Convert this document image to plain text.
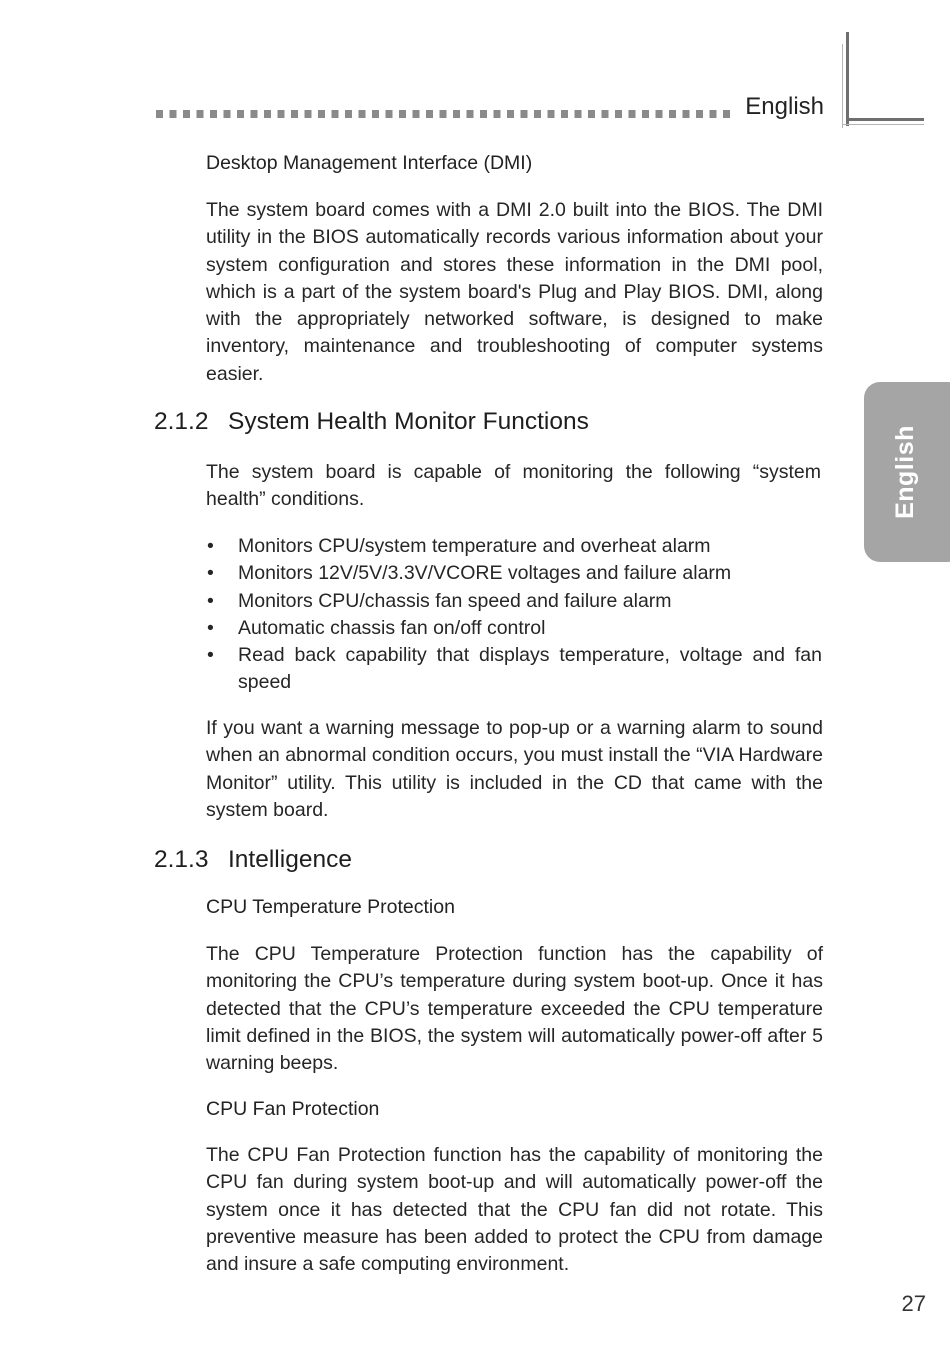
English
English

Desktop Management Interface (DMI)

The system board comes with a DMI 2.0 built into the BIOS. The DMI utility in the BIOS automatically records various information about your system configuration and stores these information in the DMI pool, which is a part of the system board's Plug and Play BIOS. DMI, along with the appropriately networked software, is designed to make inventory, maintenance and troubleshooting of computer systems easier.

2.1.2 System Health Monitor Functions

The system board is capable of monitoring the following “system health” conditions.

• Monitors CPU/system temperature and overheat alarm
• Monitors 12V/5V/3.3V/VCORE voltages and failure alarm
• Monitors CPU/chassis fan speed and failure alarm
• Automatic chassis fan on/off control
• Read back capability that displays temperature, voltage and fan speed

If you want a warning message to pop-up or a warning alarm to sound when an abnormal condition occurs, you must install the “VIA Hardware Monitor” utility. This utility is included in the CD that came with the system board.

2.1.3 Intelligence

CPU Temperature Protection

The CPU Temperature Protection function has the capability of monitoring the CPU’s temperature during system boot-up. Once it has detected that the CPU’s temperature exceeded the CPU temperature limit defined in the BIOS, the system will automatically power-off after 5 warning beeps.

CPU Fan Protection

The CPU Fan Protection function has the capability of monitoring the CPU fan during system boot-up and will automatically power-off the system once it has detected that the CPU fan did not rotate. This preventive measure has been added to protect the CPU from damage and insure a safe computing environment.

27
